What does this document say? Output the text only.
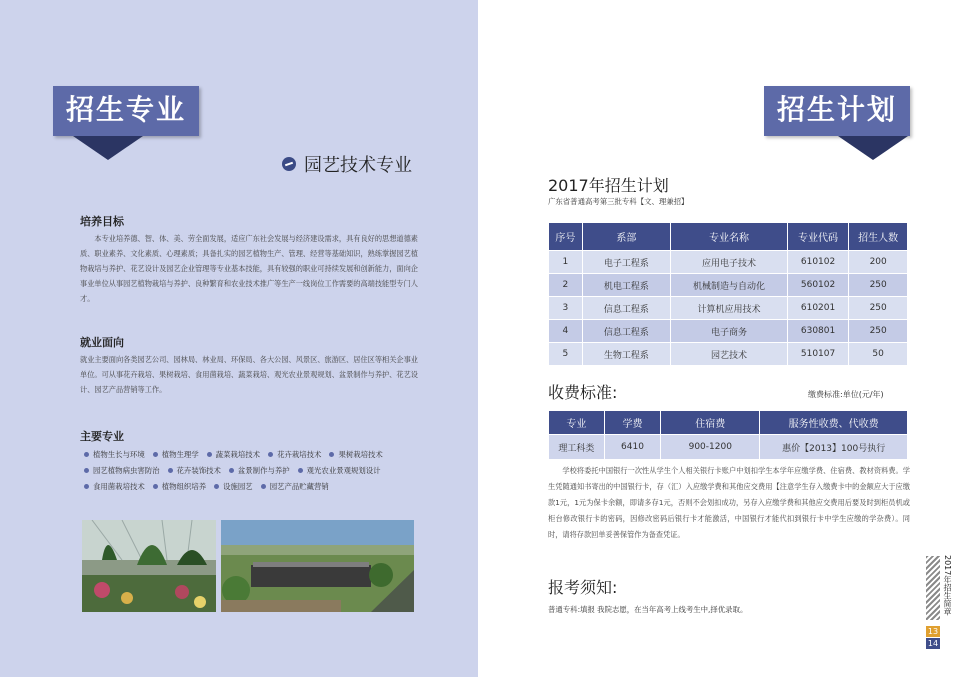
招生专业
园艺技术专业
培养目标

本专业培养德、智、体、美、劳全面发展，适应广东社会发展与经济建设需求，具有良好的思想道德素质、职业素养、文化素质、心理素质；具备扎实的园艺植物生产、管理、经营等基础知识，熟练掌握园艺植物栽培与养护、花艺设计及园艺企业管理等专业基本技能，具有较强的职业可持续发展和创新能力，面向企事业单位从事园艺植物栽培与养护、良种繁育和农业技术推广等生产一线岗位工作需要的高端技能型专门人才。

就业面向

就业主要面向各类园艺公司、园林局、林业局、环保局、各大公园、风景区、旅游区、居住区等相关企事业单位。可从事花卉栽培、果树栽培、食用菌栽培、蔬菜栽培、观光农业景观规划、盆景制作与养护、花艺设计、园艺产品营销等工作。

主要专业
植物生长与环境 植物生理学 蔬菜栽培技术 花卉栽培技术 果树栽培技术
园艺植物病虫害防治 花卉装饰技术 盆景制作与养护 观光农业景观规划设计
食用菌栽培技术 植物组织培养 设施园艺 园艺产品贮藏营销
招生计划
2017年招生计划
广东省普通高考第三批专科【文、理兼招】
序号	系部	专业名称	专业代码	招生人数
1	电子工程系	应用电子技术	610102	200
2	机电工程系	机械制造与自动化	560102	250
3	信息工程系	计算机应用技术	610201	250
4	信息工程系	电子商务	630801	250
5	生物工程系	园艺技术	510107	50
收费标准:	缴费标准:单位(元/年)
专业	学费	住宿费	服务性收费、代收费
理工科类	6410	900-1200	惠价【2013】100号执行

学校将委托中国银行一次性从学生个人相关银行卡账户中划扣学生本学年应缴学费、住宿费、教材资料费。学生凭随通知书寄出的中国银行卡，存（汇）入应缴学费和其他应交费用【注意学生存入缴费卡中的金额应大于应缴款1元，1元为保卡余额，即请多存1元，否则不会划扣成功，另存入应缴学费和其他应交费用后要及时到柜员机或柜台修改银行卡的密码，因修改密码后银行卡才能激活，中国银行才能代扣到银行卡中学生应缴的学杂费）。同时，请将存款回单妥善保管作为备查凭证。

报考须知:
普通专科:填报 我院志愿，在当年高考上线考生中,择优录取。	2017年招生简章
13
14
